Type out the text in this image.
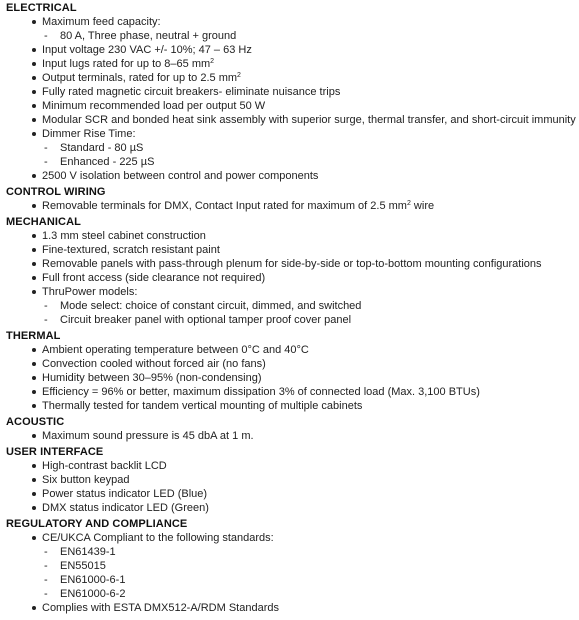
ELECTRICAL
Maximum feed capacity:
- 80 A, Three phase, neutral + ground
Input voltage 230 VAC +/- 10%; 47 – 63 Hz
Input lugs rated for up to 8–65 $mm^2$
Output terminals, rated for up to 2.5 $mm^2$
Fully rated magnetic circuit breakers- eliminate nuisance trips
Minimum recommended load per output 50 W
Modular SCR and bonded heat sink assembly with superior surge, thermal transfer, and short-circuit immunity
Dimmer Rise Time:
- Standard - 80 µS
- Enhanced - 225 µS
2500 V isolation between control and power components
CONTROL WIRING
Removable terminals for DMX, Contact Input rated for maximum of 2.5 $mm^2$ wire
MECHANICAL
1.3 mm steel cabinet construction
Fine-textured, scratch resistant paint
Removable panels with pass-through plenum for side-by-side or top-to-bottom mounting configurations
Full front access (side clearance not required)
ThruPower models:
- Mode select: choice of constant circuit, dimmed, and switched
- Circuit breaker panel with optional tamper proof cover panel
THERMAL
Ambient operating temperature between 0°C and 40°C
Convection cooled without forced air (no fans)
Humidity between 30–95% (non-condensing)
Efficiency = 96% or better, maximum dissipation 3% of connected load (Max. 3,100 BTUs)
Thermally tested for tandem vertical mounting of multiple cabinets
ACOUSTIC
Maximum sound pressure is 45 dbA at 1 m.
USER INTERFACE
High-contrast backlit LCD
Six button keypad
Power status indicator LED (Blue)
DMX status indicator LED (Green)
REGULATORY AND COMPLIANCE
CE/UKCA Compliant to the following standards:
- EN61439-1
- EN55015
- EN61000-6-1
- EN61000-6-2
Complies with ESTA DMX512-A/RDM Standards
